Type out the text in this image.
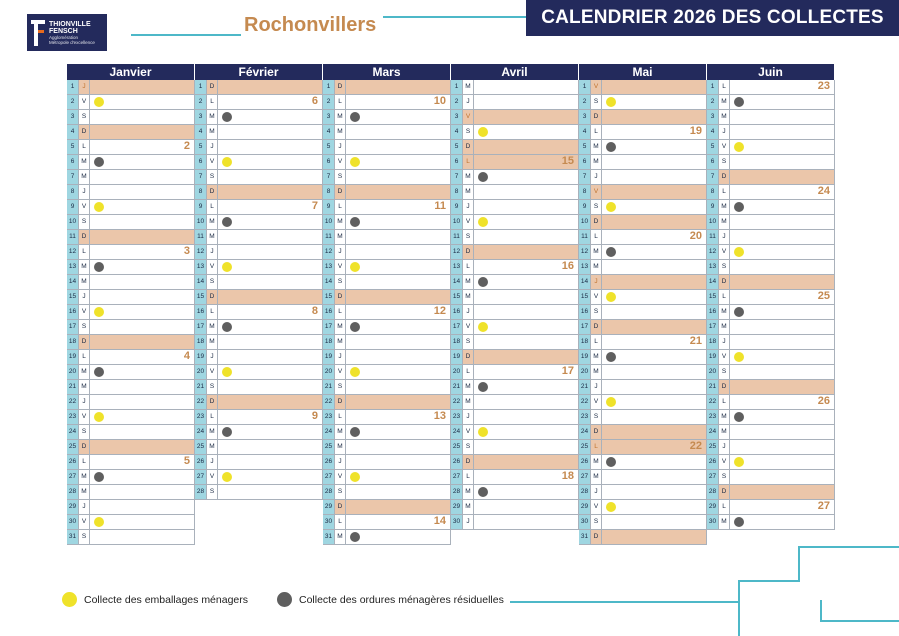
THIONVILLE
FENSCH
Agglomération
Métropole d'excellence
Rochonvillers	CALENDRIER 2026 DES COLLECTES
Janvier
1	J
2	V
3	S
4	D
5	L	2
6	M
7	M
8	J
9	V
10 S
11 D
12 L	3
13 M
14 M
15 J
16 V
17 S
18 D
19 L	4
20 M
21 M
22 J
23 V
24 S
25 D
26 L	5
27 M
28 M
29 J
30 V
31 S
Février
1	D
2	L	6
3	M
4	M
5	J
6	V
7	S
8	D
9	L	7
10 M
11 M
12 J
13 V
14 S
15 D
16 L	8
17 M
18 M
19 J
20 V
21 S
22 D
23 L	9
24 M
25 M
26 J
27 V
28 S
Mars
1	D
2	L	10
3	M
4	M
5	J
6	V
7	S
8	D
9	L	11
10 M
11 M
12 J
13 V
14 S
15 D
16 L	12
17 M
18 M
19 J
20 V
21 S
22 D
23 L	13
24 M
25 M
26 J
27 V
28 S
29 D
30 L	14
31 M
Avril
1	M
2	J
3	V
4	S
5	D
6	L	15
7	M
8	M
9	J
10 V
11 S
12 D
13 L	16
14 M
15 M
16 J
17 V
18 S
19 D
20 L	17
21 M
22 M
23 J
24 V
25 S
26 D
27 L	18
28 M
29 M
30 J
Mai
1	V
2	S
3	D
4	L	19
5	M
6	M
7	J
8	V
9	S
10 D
11 L	20
12 M
13 M
14 J
15 V
16 S
17 D
18 L	21
19 M
20 M
21 J
22 V
23 S
24 D
25 L	22
26 M
27 M
28 J
29 V
30 S
31 D
Juin
1	L	23
2	M
3	M
4	J
5	V
6	S
7	D
8	L	24
9	M
10 M
11	J
12 V
13 S
14 D
15 L	25
16 M
17 M
18 J
19 V
20 S
21 D
22 L	26
23 M
24 M
25 J
26 V
27 S
28 D
29 L	27
30 M
Collecte des emballages ménagers	Collecte des ordures ménagères résiduelles
